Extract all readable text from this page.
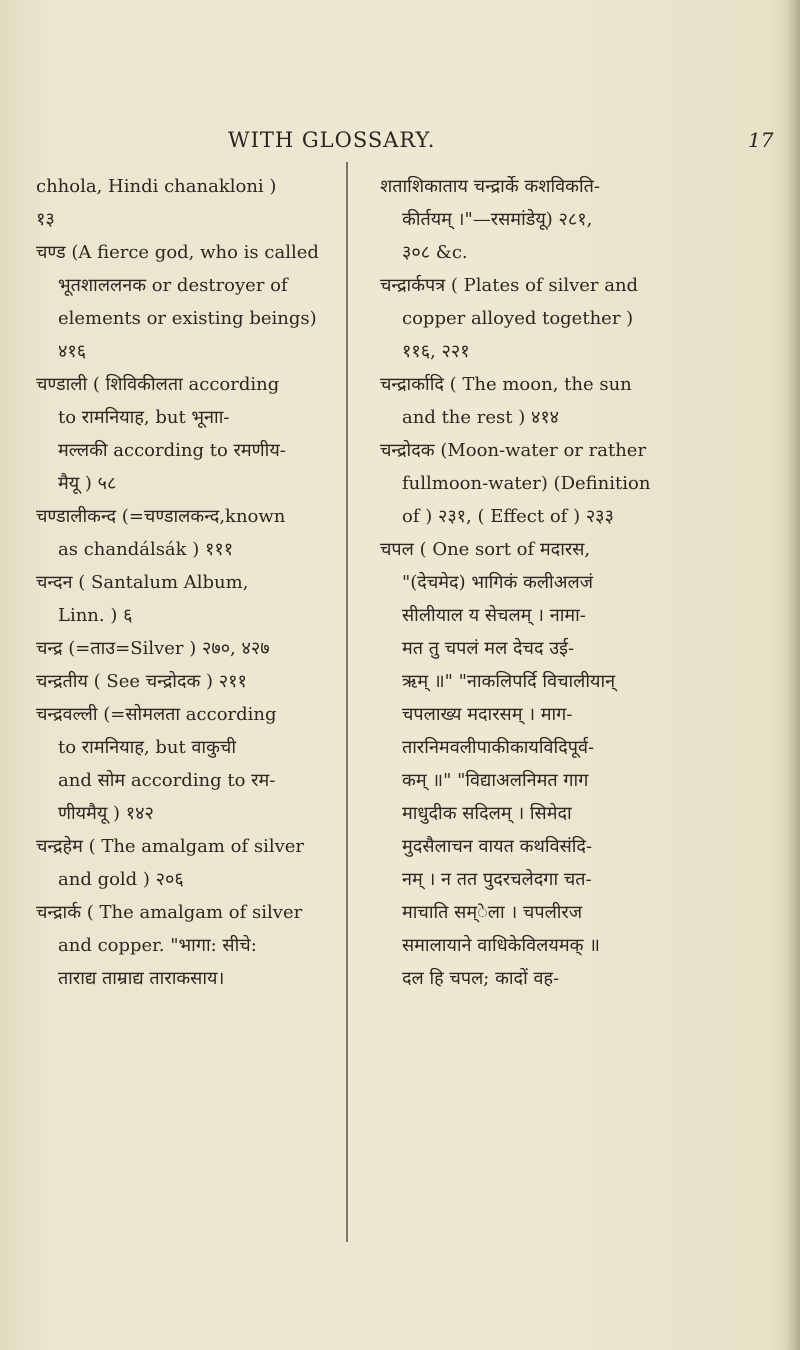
WITH GLOSSARY.	17
chhola, Hindi chanakloni )
१३
चण्ड (A fierce god, who is called
भूतशाललनक or destroyer of
elements or existing beings)
४१६
चण्डाली ( शिविकीलता according
to रामनियाह, but भूनाा-
मल्लकी according to रमणीय-
मैयू ) ५८
चण्डालीकन्द (=चण्डालकन्द,known
as chandálsák ) १११
चन्दन ( Santalum Album,
Linn. ) ६
चन्द्र (=ताउ=Silver ) २७०, ४२७
चन्द्रतीय ( See चन्द्रोदक ) २११
चन्द्रवल्ली (=सोमलता according
to रामनियाह, but वाकुची
and सोम according to रम-
णीयमैयू ) १४२
चन्द्रहेम ( The amalgam of silver
and gold ) २०६
चन्द्रार्क ( The amalgam of silver
and copper. "भागा: सीचे:
ताराद्य ताम्राद्य ताराकसाय।
शताशिकाताय चन्द्रार्के कशविकति-
कीर्तयम् ।"—रसमांडेयू) २८१,
३०८ &c.
चन्द्रार्कपत्र ( Plates of silver and
copper alloyed together )
११६, २२१
चन्द्रार्कादि ( The moon, the sun
and the rest ) ४१४
चन्द्रोदक (Moon-water or rather
fullmoon-water) (Definition
of ) २३१, ( Effect of ) २३३
चपल ( One sort of मदारस,
"(देचमेद) भागिकं कलीअलजं
सीलीयाल य सेचलम् । नामा-
मत तु चपलं मल देचद उई-
ऋम् ॥" "नाकलिपर्दि विचालीयान्
चपलाख्य मदारसम् । माग-
तारनिमवलीपाकीकायविदिपूर्व-
कम् ॥" "विद्याअलनिमत गाग
माधुदीक सदिलम् । सिमेदा
मुदसैलाचन वायत कथविसंदि-
नम् । न तत पुदरचलेदगा चत-
माचाति सम्ेला । चपलीरज
समालायाने वाधिकेविलयमक् ॥
दल हि चपल; कादों वह-
